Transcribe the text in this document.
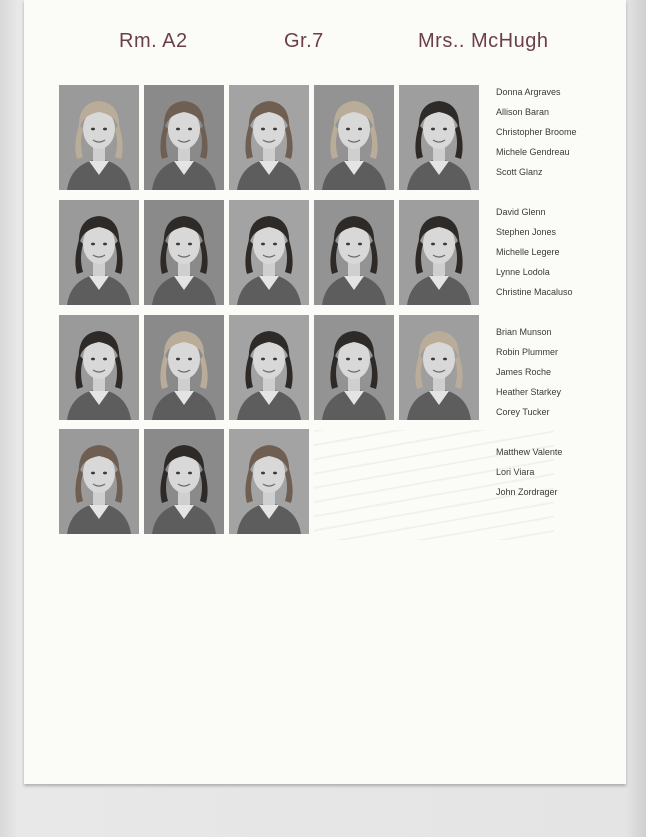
Rm. A2	Gr.7	Mrs.. McHugh
Donna Argraves
Allison Baran
Christopher Broome
Michele Gendreau
Scott Glanz
David Glenn
Stephen Jones
Michelle Legere
Lynne Lodola
Christine Macaluso
Brian Munson
Robin Plummer
James Roche
Heather Starkey
Corey Tucker
Matthew Valente
Lori Viara
John Zordrager
